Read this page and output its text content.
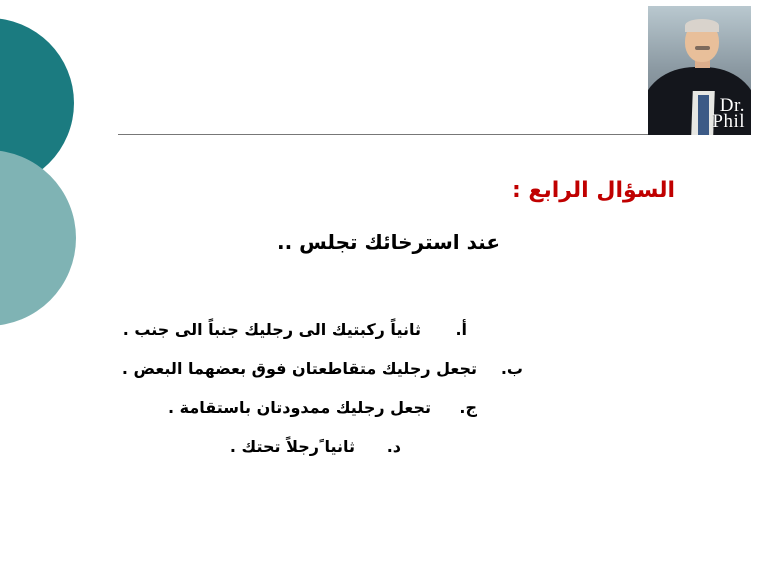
Dr.
Phil
السؤال الرابع :
عند استرخائك تجلس ..
أ.
ثانياً ركبتيك الى رجليك جنباً الى جنب .
ب.
تجعل رجليك متقاطعتان فوق بعضهما البعض .
ج.
تجعل رجليك ممدودتان باستقامة .
د.
ثانيا ًرجلاً تحتك .
